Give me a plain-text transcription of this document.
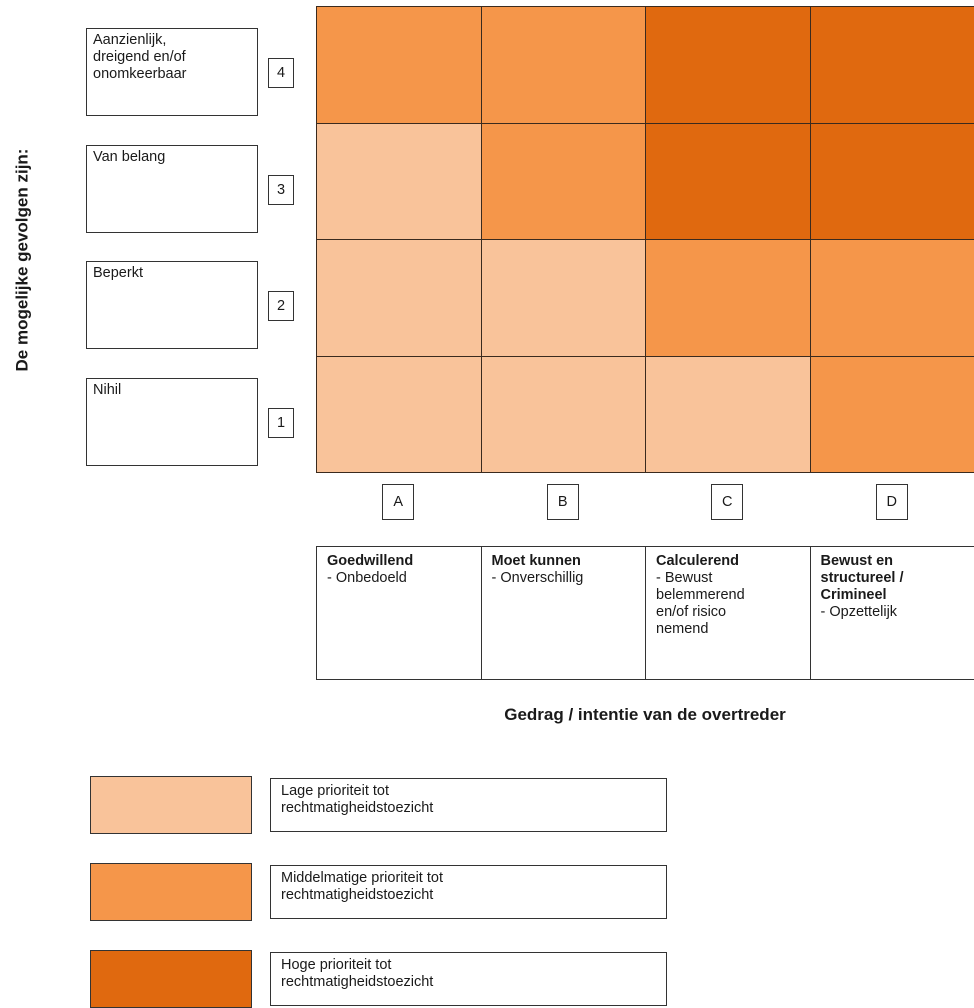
De mogelijke gevolgen zijn:
Aanzienlijk,
dreigend en/of
onomkeerbaar	4
Van belang
3
Beperkt
2
Nihil
1
A
Goedwillend
- Onbedoeld
B
Moet kunnen
- Onverschillig
C
Calculerend
- Bewust
belemmerend
en/of risico
nemend
D
Bewust en
structureel /
Crimineel
- Opzettelijk
Gedrag / intentie van de overtreder
Lage prioriteit tot
rechtmatigheidstoezicht
Middelmatige prioriteit tot
rechtmatigheidstoezicht
Hoge prioriteit tot
rechtmatigheidstoezicht
